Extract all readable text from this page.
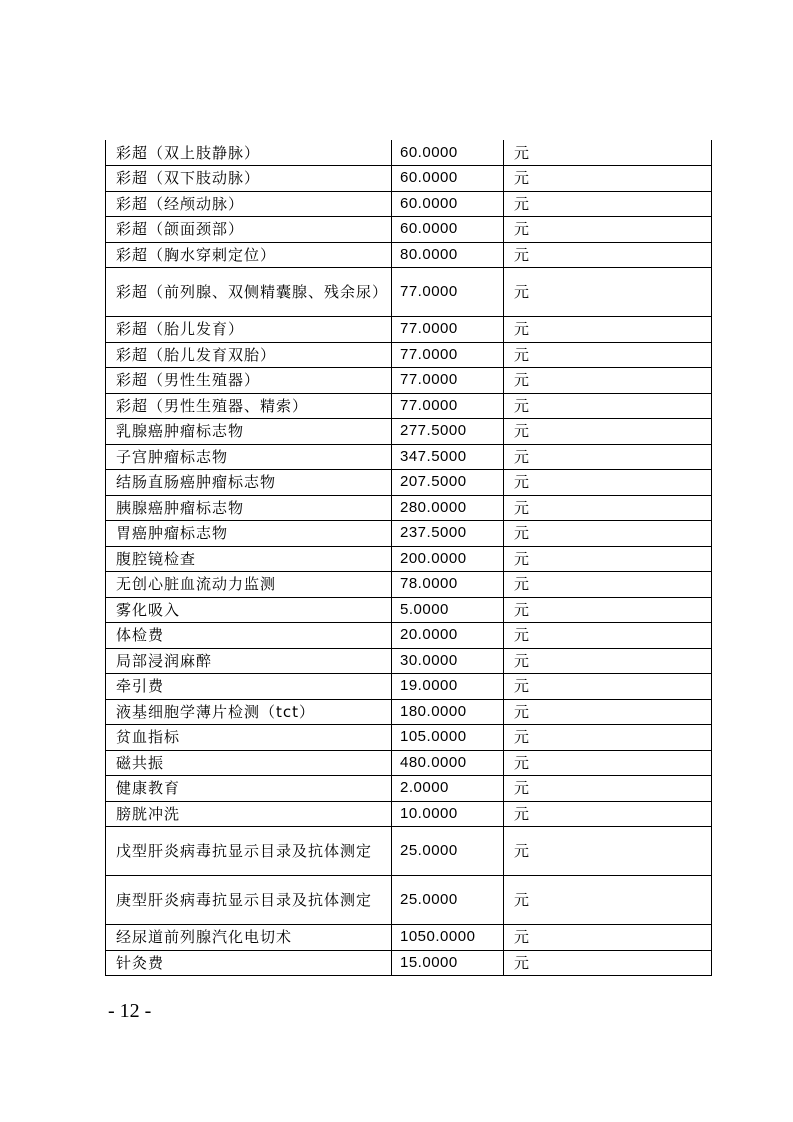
彩超（双上肢静脉）	60.0000	元
彩超（双下肢动脉）	60.0000	元
彩超（经颅动脉）	60.0000	元
彩超（颌面颈部）	60.0000	元
彩超（胸水穿刺定位）	80.0000	元
彩超（前列腺、双侧精囊腺、残余尿）	77.0000	元
彩超（胎儿发育）	77.0000	元
彩超（胎儿发育双胎）	77.0000	元
彩超（男性生殖器）	77.0000	元
彩超（男性生殖器、精索）	77.0000	元
乳腺癌肿瘤标志物	277.5000	元
子宫肿瘤标志物	347.5000	元
结肠直肠癌肿瘤标志物	207.5000	元
胰腺癌肿瘤标志物	280.0000	元
胃癌肿瘤标志物	237.5000	元
腹腔镜检查	200.0000	元
无创心脏血流动力监测	78.0000	元
雾化吸入	5.0000	元
体检费	20.0000	元
局部浸润麻醉	30.0000	元
牵引费	19.0000	元
液基细胞学薄片检测（tct）	180.0000	元
贫血指标	105.0000	元
磁共振	480.0000	元
健康教育	2.0000	元
膀胱冲洗	10.0000	元
戊型肝炎病毒抗显示目录及抗体测定	25.0000	元
庚型肝炎病毒抗显示目录及抗体测定	25.0000	元
经尿道前列腺汽化电切术	1050.0000	元
针灸费	15.0000	元
- 12 -
